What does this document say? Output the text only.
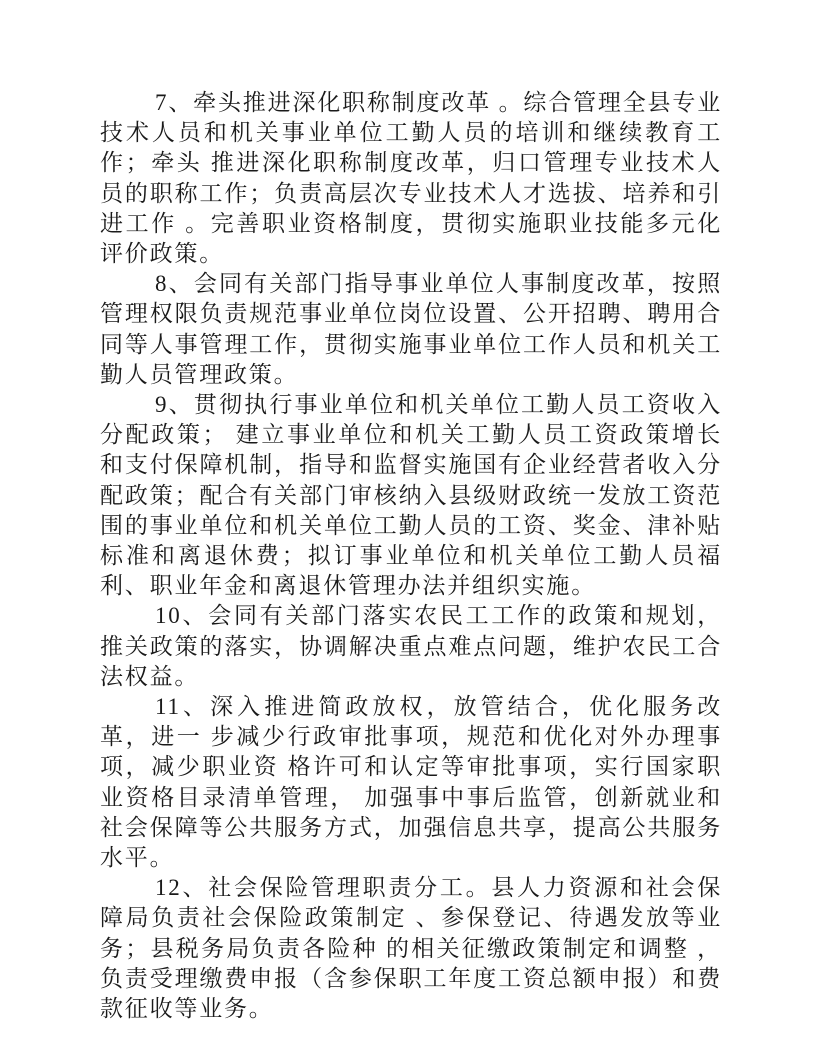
7、牵头推进深化职称制度改革 。综合管理全县专业技术人员和机关事业单位工勤人员的培训和继续教育工作；牵头 推进深化职称制度改革，归口管理专业技术人员的职称工作；负责高层次专业技术人才选拔、培养和引进工作 。完善职业资格制度，贯彻实施职业技能多元化评价政策。

8、会同有关部门指导事业单位人事制度改革，按照管理权限负责规范事业单位岗位设置、公开招聘、聘用合同等人事管理工作，贯彻实施事业单位工作人员和机关工勤人员管理政策。

9、贯彻执行事业单位和机关单位工勤人员工资收入分配政策； 建立事业单位和机关工勤人员工资政策增长和支付保障机制，指导和监督实施国有企业经营者收入分配政策；配合有关部门审核纳入县级财政统一发放工资范围的事业单位和机关单位工勤人员的工资、奖金、津补贴标准和离退休费；拟订事业单位和机关单位工勤人员福利、职业年金和离退休管理办法并组织实施。

10、会同有关部门落实农民工工作的政策和规划，推关政策的落实，协调解决重点难点问题，维护农民工合法权益。

11、深入推进简政放权，放管结合，优化服务改革，进一 步减少行政审批事项，规范和优化对外办理事项，减少职业资 格许可和认定等审批事项，实行国家职业资格目录清单管理， 加强事中事后监管，创新就业和社会保障等公共服务方式，加强信息共享，提高公共服务水平。

12、社会保险管理职责分工。县人力资源和社会保障局负责社会保险政策制定 、参保登记、待遇发放等业务；县税务局负责各险种 的相关征缴政策制定和调整 ，负责受理缴费申报（含参保职工年度工资总额申报）和费款征收等业务。
